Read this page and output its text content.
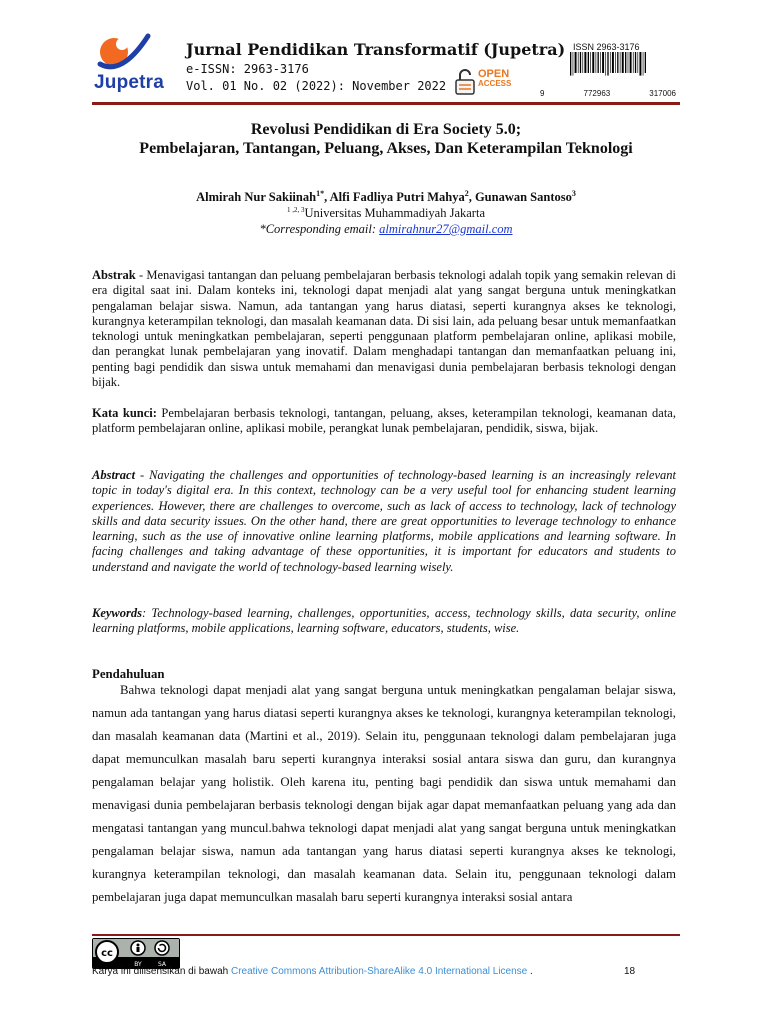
Jupetra
Jurnal Pendidikan Transformatif (Jupetra)
e-ISSN: 2963-3176
Vol. 01 No. 02 (2022): November 2022
OPEN
ACCESS
ISSN 2963-3176
9	772963	317006
Revolusi Pendidikan di Era Society 5.0;
Pembelajaran, Tantangan, Peluang, Akses, Dan Keterampilan Teknologi
Almirah Nur Sakiinah$^{1*}$, Alfi Fadliya Putri Mahya$^2$, Gunawan Santoso$^3$
$^{1 ,2, 3}$Universitas Muhammadiyah Jakarta
*Corresponding email: almirahnur27@gmail.com
Abstrak - Menavigasi tantangan dan peluang pembelajaran berbasis teknologi adalah topik yang semakin relevan di era digital saat ini. Dalam konteks ini, teknologi dapat menjadi alat yang sangat berguna untuk meningkatkan pengalaman belajar siswa. Namun, ada tantangan yang harus diatasi, seperti kurangnya akses ke teknologi, kurangnya keterampilan teknologi, dan masalah keamanan data. Di sisi lain, ada peluang besar untuk memanfaatkan teknologi untuk meningkatkan pembelajaran, seperti penggunaan platform pembelajaran online, aplikasi mobile, dan perangkat lunak pembelajaran yang inovatif. Dalam menghadapi tantangan dan memanfaatkan peluang ini, penting bagi pendidik dan siswa untuk memahami dan menavigasi dunia pembelajaran berbasis teknologi dengan bijak.
Kata kunci: Pembelajaran berbasis teknologi, tantangan, peluang, akses, keterampilan teknologi, keamanan data, platform pembelajaran online, aplikasi mobile, perangkat lunak pembelajaran, pendidik, siswa, bijak.
Abstract - Navigating the challenges and opportunities of technology-based learning is an increasingly relevant topic in today's digital era. In this context, technology can be a very useful tool for enhancing student learning experiences. However, there are challenges to overcome, such as lack of access to technology, lack of technology skills and data security issues. On the other hand, there are great opportunities to leverage technology to enhance learning, such as the use of innovative online learning platforms, mobile applications and learning software. In facing challenges and taking advantage of these opportunities, it is important for educators and students to understand and navigate the world of technology-based learning wisely.
Keywords: Technology-based learning, challenges, opportunities, access, technology skills, data security, online learning platforms, mobile applications, learning software, educators, students, wise.
Pendahuluan
Bahwa teknologi dapat menjadi alat yang sangat berguna untuk meningkatkan pengalaman belajar siswa, namun ada tantangan yang harus diatasi seperti kurangnya akses ke teknologi, kurangnya keterampilan teknologi, dan masalah keamanan data (Martini et al., 2019). Selain itu, penggunaan teknologi dalam pembelajaran juga dapat memunculkan masalah baru seperti kurangnya interaksi sosial antara siswa dan guru, dan kurangnya pengalaman belajar yang holistik. Oleh karena itu, penting bagi pendidik dan siswa untuk memahami dan menavigasi dunia pembelajaran berbasis teknologi dengan bijak agar dapat memanfaatkan peluang yang ada dan mengatasi tantangan yang muncul.bahwa teknologi dapat menjadi alat yang sangat berguna untuk meningkatkan pengalaman belajar siswa, namun ada tantangan yang harus diatasi seperti kurangnya akses ke teknologi, kurangnya keterampilan teknologi, dan masalah keamanan data. Selain itu, penggunaan teknologi dalam pembelajaran juga dapat memunculkan masalah baru seperti kurangnya interaksi sosial antara
cc
BY	SA
Karya ini dilisensikan di bawah Creative Commons Attribution-ShareAlike 4.0 International License .	18
